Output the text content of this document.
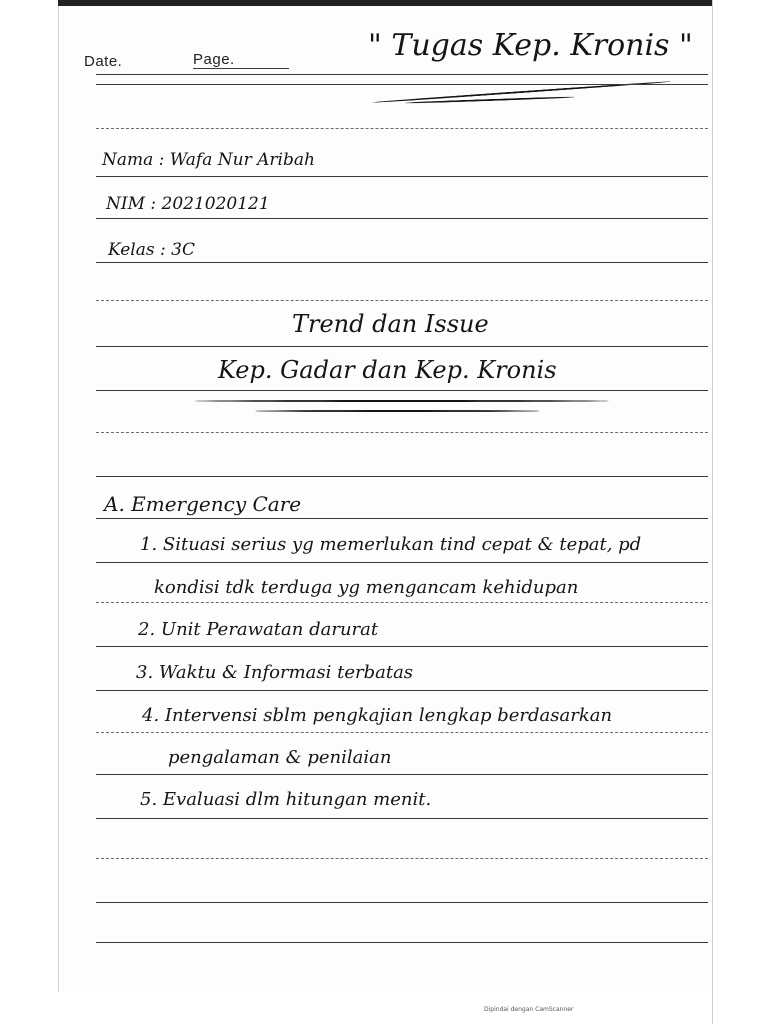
Date.	Page.	" Tugas Kep. Kronis "
Nama : Wafa Nur Aribah
NIM : 2021020121
Kelas : 3C
Trend dan Issue
Kep. Gadar dan Kep. Kronis
A. Emergency Care
1. Situasi serius yg memerlukan tind cepat & tepat, pd
kondisi tdk terduga yg mengancam kehidupan
2. Unit Perawatan darurat
3. Waktu & Informasi terbatas
4. Intervensi sblm pengkajian lengkap berdasarkan
pengalaman & penilaian
5. Evaluasi dlm hitungan menit.
Dipindai dengan CamScanner
